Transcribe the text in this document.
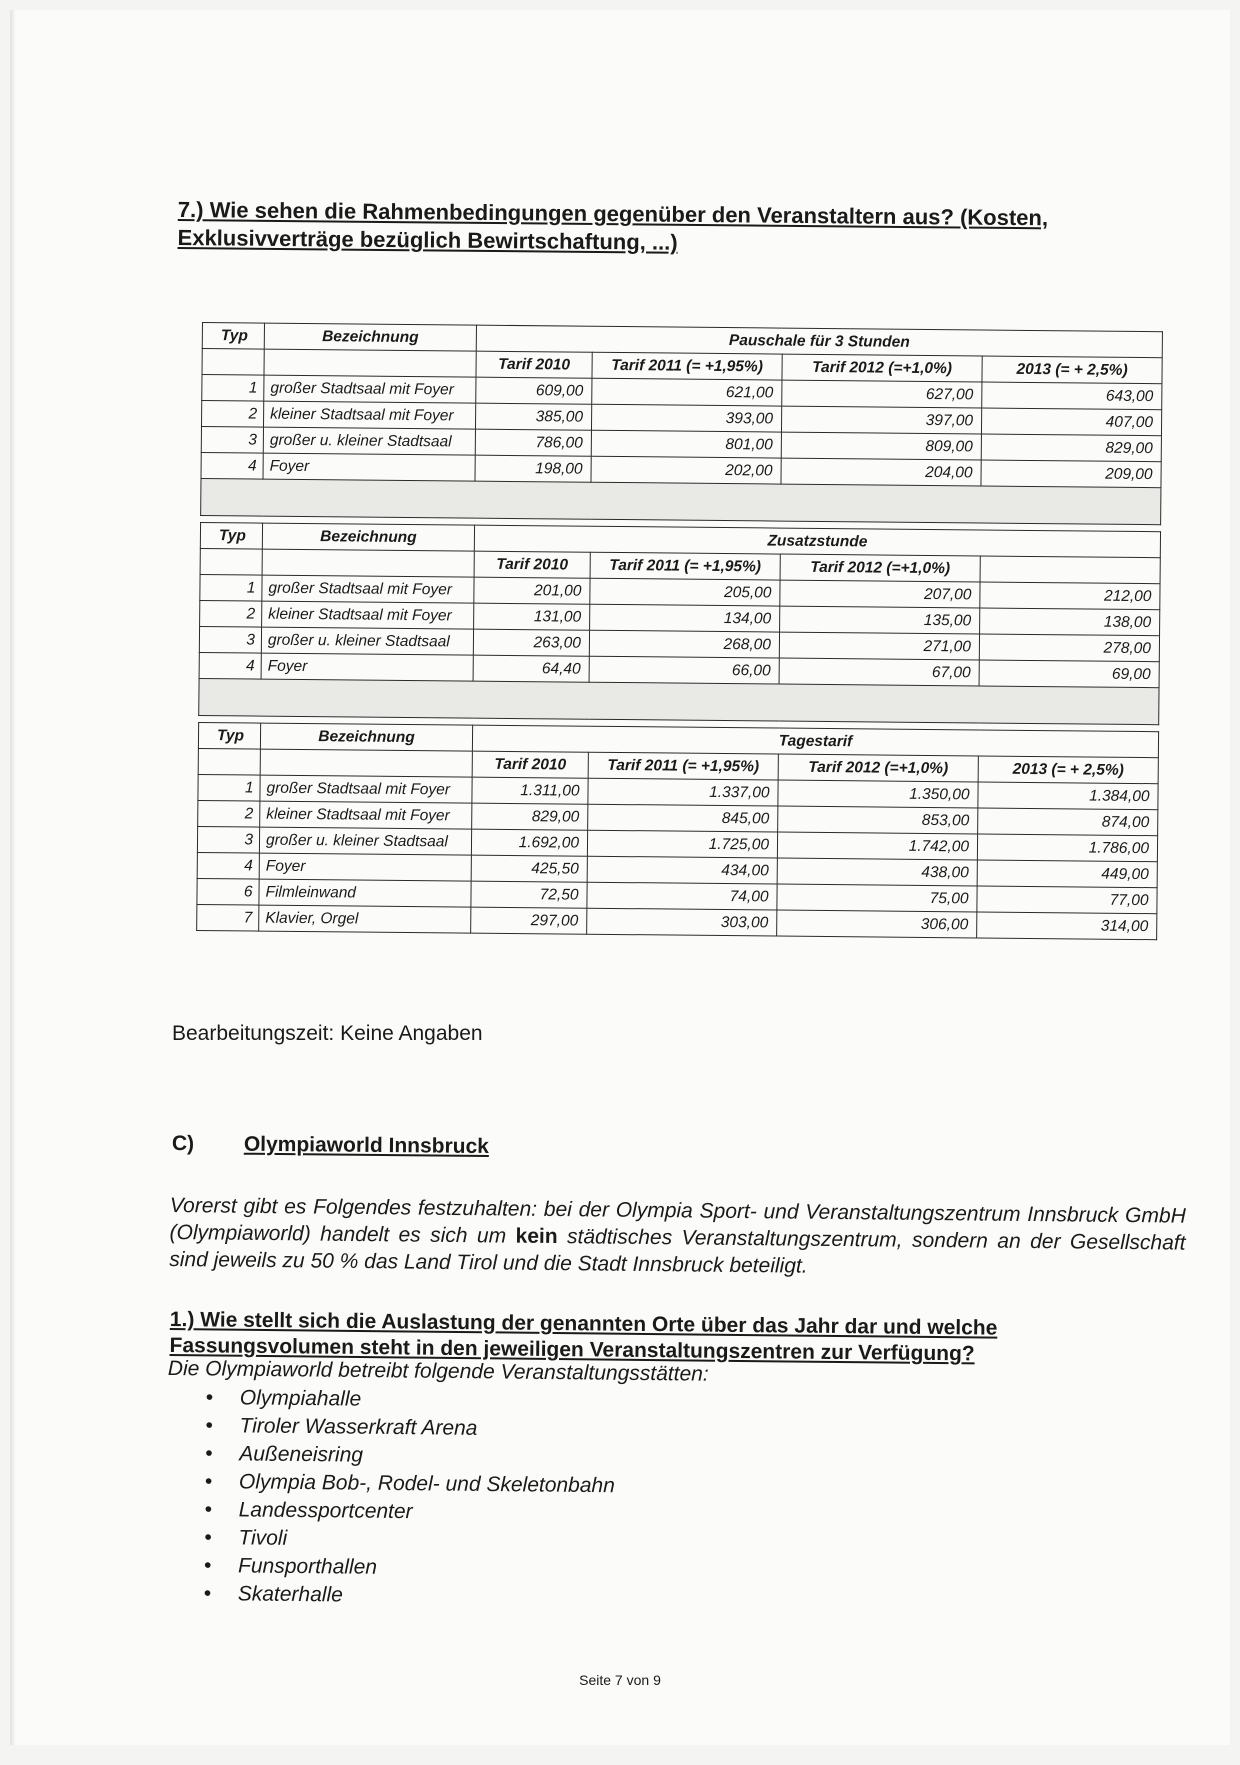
7.) Wie sehen die Rahmenbedingungen gegenüber den Veranstaltern aus? (Kosten, Exklusivverträge bezüglich Bewirtschaftung, ...)
Typ	Bezeichnung	Pauschale für 3 Stunden			
		Tarif 2010	Tarif 2011 (= +1,95%)	Tarif 2012 (=+1,0%)	2013 (= + 2,5%)
1	großer Stadtsaal mit Foyer	609,00	621,00	627,00	643,00
2	kleiner Stadtsaal mit Foyer	385,00	393,00	397,00	407,00
3	großer u. kleiner Stadtsaal	786,00	801,00	809,00	829,00
4	Foyer	198,00	202,00	204,00	209,00

Typ	Bezeichnung	Zusatzstunde			
		Tarif 2010	Tarif 2011 (= +1,95%)	Tarif 2012 (=+1,0%)	
1	großer Stadtsaal mit Foyer	201,00	205,00	207,00	212,00
2	kleiner Stadtsaal mit Foyer	131,00	134,00	135,00	138,00
3	großer u. kleiner Stadtsaal	263,00	268,00	271,00	278,00
4	Foyer	64,40	66,00	67,00	69,00

Typ	Bezeichnung	Tagestarif			
		Tarif 2010	Tarif 2011 (= +1,95%)	Tarif 2012 (=+1,0%)	2013 (= + 2,5%)
1	großer Stadtsaal mit Foyer	1.311,00	1.337,00	1.350,00	1.384,00
2	kleiner Stadtsaal mit Foyer	829,00	845,00	853,00	874,00
3	großer u. kleiner Stadtsaal	1.692,00	1.725,00	1.742,00	1.786,00
4	Foyer	425,50	434,00	438,00	449,00
6	Filmleinwand	72,50	74,00	75,00	77,00
7	Klavier, Orgel	297,00	303,00	306,00	314,00
Bearbeitungszeit: Keine Angaben
C) Olympiaworld Innsbruck
Vorerst gibt es Folgendes festzuhalten: bei der Olympia Sport- und Veranstaltungszentrum Innsbruck GmbH (Olympiaworld) handelt es sich um kein städtisches Veranstaltungszentrum, sondern an der Gesellschaft sind jeweils zu 50 % das Land Tirol und die Stadt Innsbruck beteiligt.
1.) Wie stellt sich die Auslastung der genannten Orte über das Jahr dar und welche Fassungsvolumen steht in den jeweiligen Veranstaltungszentren zur Verfügung?
Die Olympiaworld betreibt folgende Veranstaltungsstätten:
• Olympiahalle
• Tiroler Wasserkraft Arena
• Außeneisring
• Olympia Bob-, Rodel- und Skeletonbahn
• Landessportcenter
• Tivoli
• Funsporthallen
• Skaterhalle
Seite 7 von 9
